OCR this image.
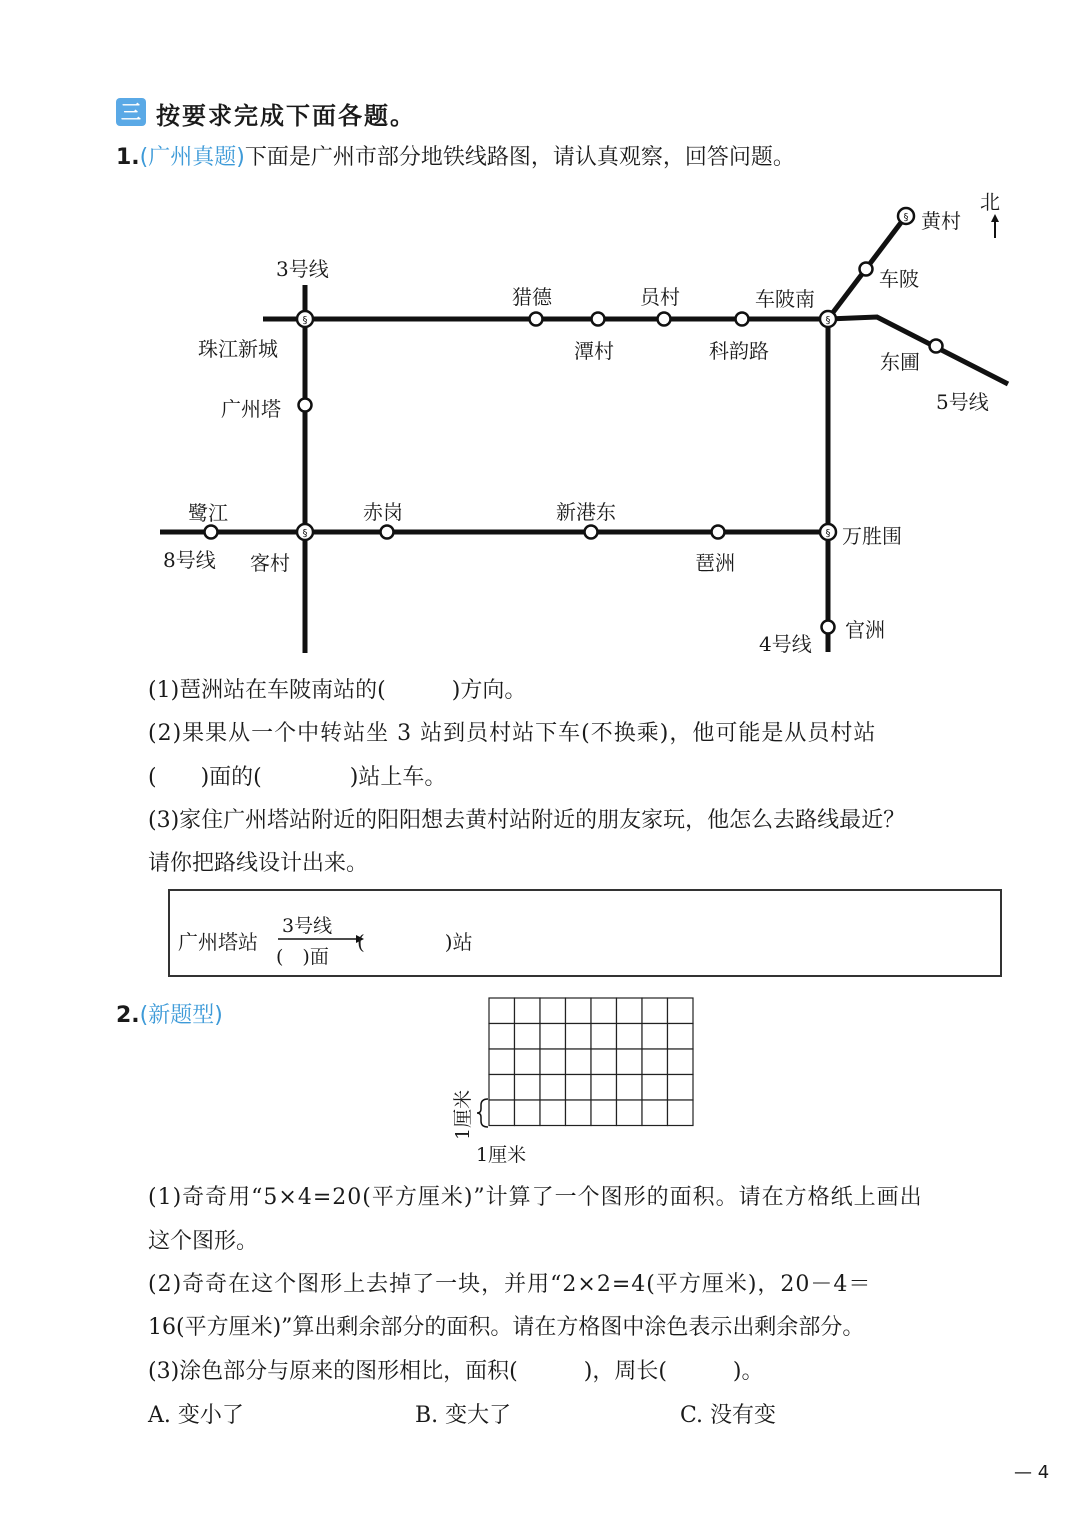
三 按要求完成下面各题。
1.(广州真题)下面是广州市部分地铁线路图，请认真观察，回答问题。
§	§
§	§
§
北
黄村
车陂
3号线
猎德	员村	车陂南
珠江新城	潭村	科韵路	东圃
5号线
广州塔
鹭江	赤岗	新港东
万胜围
8号线 客村	琶洲
官洲
4号线
(1)琶洲站在车陂南站的(　　　)方向。
(2)果果从一个中转站坐 3 站到员村站下车(不换乘)，他可能是从员村站
(　　)面的(　　　　)站上车。
(3)家住广州塔站附近的阳阳想去黄村站附近的朋友家玩，他怎么去路线最近？
请你把路线设计出来。
广州塔站
3号线
(　)面
(　　　　)站
2.(新题型)
1厘米
1厘米
(1)奇奇用“5×4=20(平方厘米)”计算了一个图形的面积。请在方格纸上画出
这个图形。
(2)奇奇在这个图形上去掉了一块，并用“2×2=4(平方厘米)，20－4＝
16(平方厘米)”算出剩余部分的面积。请在方格图中涂色表示出剩余部分。
(3)涂色部分与原来的图形相比，面积(　　　)，周长(　　　)。
A. 变小了	B. 变大了	C. 没有变
— 4
